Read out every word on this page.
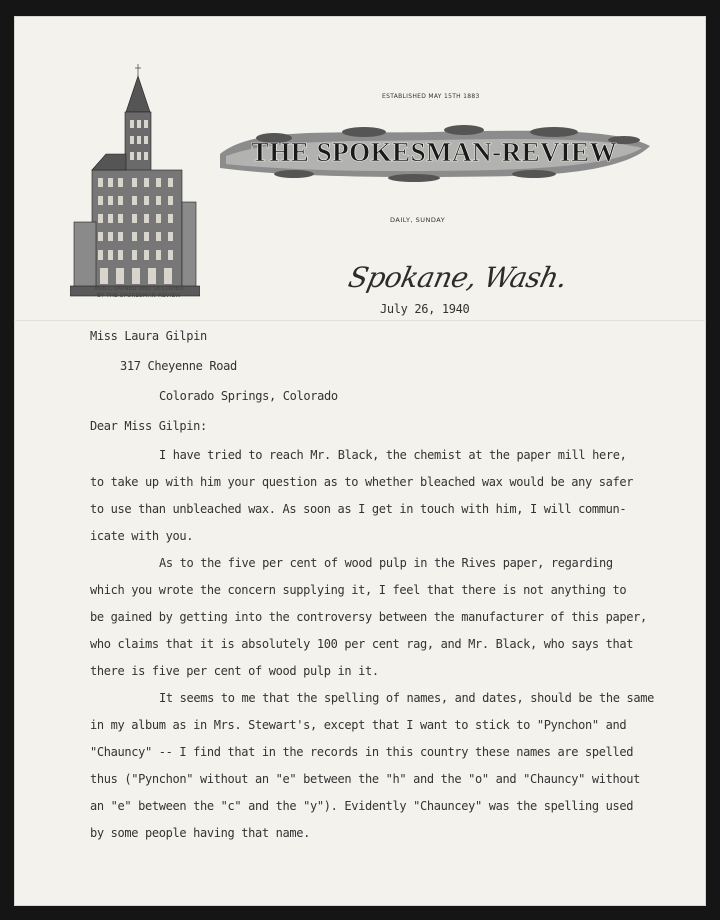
BUILT, OWNED AND OCCUPIED
BY THE SPOKESMAN-REVIEW
ESTABLISHED MAY 15TH 1883
THE SPOKESMAN-REVIEW
DAILY, SUNDAY
Spokane, Wash.
July 26, 1940
Miss Laura Gilpin
317 Cheyenne Road
Colorado Springs, Colorado
Dear Miss Gilpin:
I have tried to reach Mr. Black, the chemist at the paper mill here,
to take up with him your question as to whether bleached wax would be any safer
to use than unbleached wax. As soon as I get in touch with him, I will commun-
icate with you.
As to the five per cent of wood pulp in the Rives paper, regarding
which you wrote the concern supplying it, I feel that there is not anything to
be gained by getting into the controversy between the manufacturer of this paper,
who claims that it is absolutely 100 per cent rag, and Mr. Black, who says that
there is five per cent of wood pulp in it.
It seems to me that the spelling of names, and dates, should be the same
in my album as in Mrs. Stewart's, except that I want to stick to "Pynchon" and
"Chauncy" -- I find that in the records in this country these names are spelled
thus ("Pynchon" without an "e" between the "h" and the "o" and "Chauncy" without
an "e" between the "c" and the "y"). Evidently "Chauncey" was the spelling used
by some people having that name.
